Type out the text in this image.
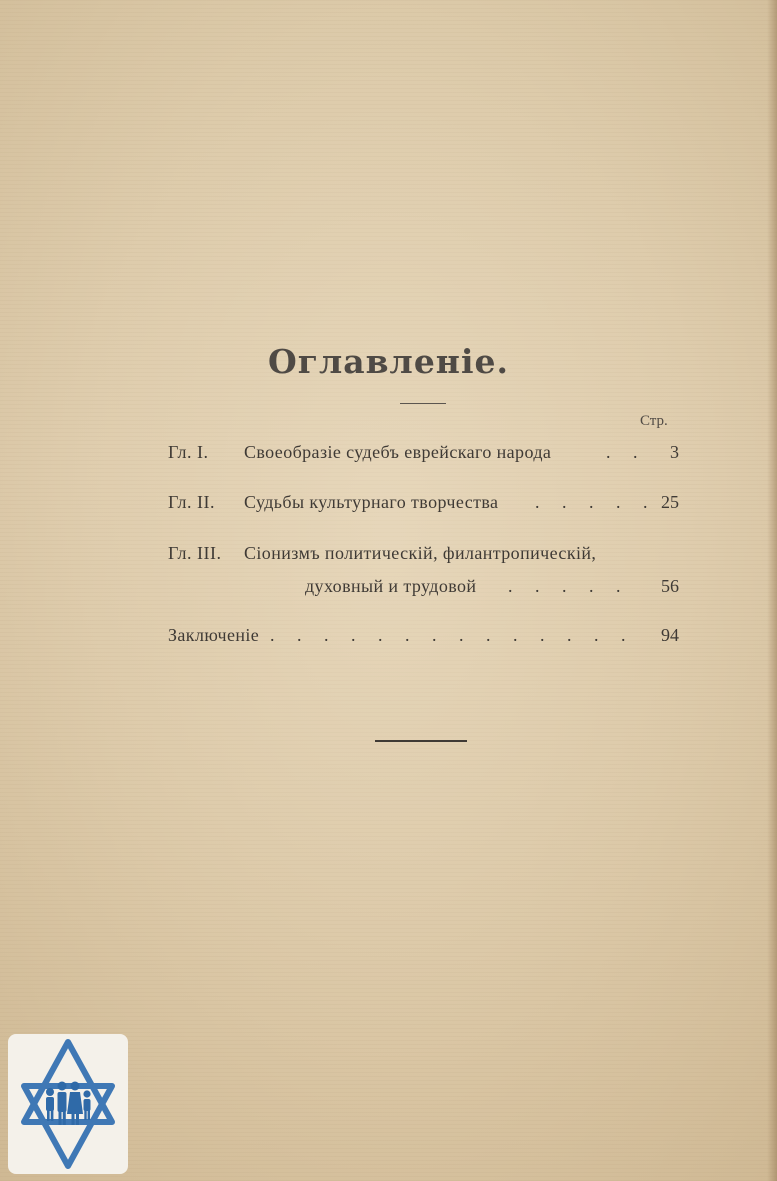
Оглавленіе.
Стр.
Гл. I. Своеобразіе судебъ еврейскаго народа	. . 3
Гл. II. Судьбы культурнаго творчества . . . . . 25
Гл. III. Сіонизмъ политическій, филантропическій,
духовный и трудовой . . . . . 56
Заключеніе . . . . . . . . . . . . . . 94
